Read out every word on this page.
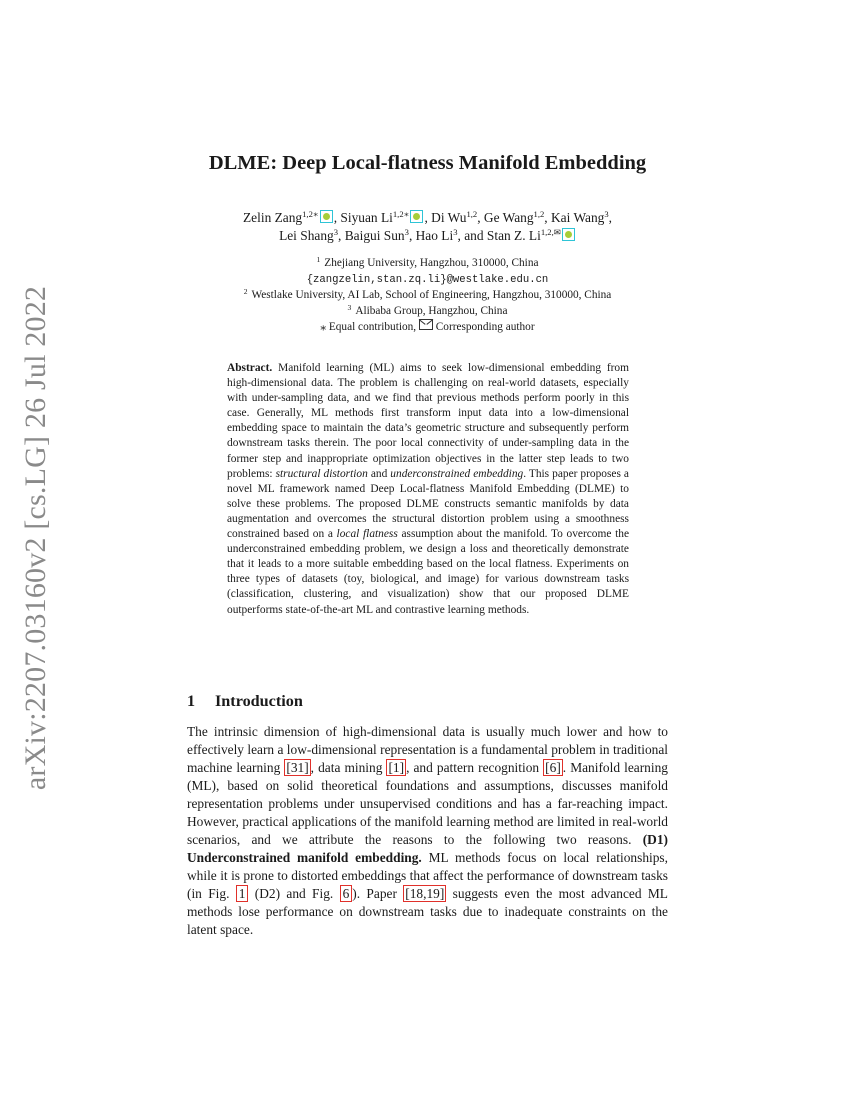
arXiv:2207.03160v2 [cs.LG] 26 Jul 2022
DLME: Deep Local-flatness Manifold Embedding
Zelin Zang$^{1,2∗}$ , Siyuan $Li^{1,2∗}$ , Di Wu$^{1,2}$, Ge Wang$^{1,2}$, Kai Wang$^3$,
Lei Shang$^3$, Baigui Sun$^3$, Hao Li$^3$, and Stan Z. $Li^{1,2,✉}$
$^1$ Zhejiang University, Hangzhou, 310000, China
{zangzelin,stan.zq.li}@westlake.edu.cn
$^2$ Westlake University, AI Lab, School of Engineering, Hangzhou, 310000, China
$^3$ Alibaba Group, Hangzhou, China
⁎ Equal contribution, Corresponding author

Abstract. Manifold learning (ML) aims to seek low-dimensional embedding from high-dimensional data. The problem is challenging on real-world datasets, especially with under-sampling data, and we find that previous methods perform poorly in this case. Generally, ML methods first transform input data into a low-dimensional embedding space to maintain the data’s geometric structure and subsequently perform downstream tasks therein. The poor local connectivity of under-sampling data in the former step and inappropriate optimization objectives in the latter step leads to two problems: structural distortion and underconstrained embedding. This paper proposes a novel ML framework named Deep Local-flatness Manifold Embedding (DLME) to solve these problems. The proposed DLME constructs semantic manifolds by data augmentation and overcomes the structural distortion problem using a smoothness constrained based on a local flatness assumption about the manifold. To overcome the underconstrained embedding problem, we design a loss and theoretically demonstrate that it leads to a more suitable embedding based on the local flatness. Experiments on three types of datasets (toy, biological, and image) for various downstream tasks (classification, clustering, and visualization) show that our proposed DLME outperforms state-of-the-art ML and contrastive learning methods.

1 Introduction

The intrinsic dimension of high-dimensional data is usually much lower and how to effectively learn a low-dimensional representation is a fundamental problem in traditional machine learning [31] , data mining [1] , and pattern recognition [6] . Manifold learning (ML), based on solid theoretical foundations and assumptions, discusses manifold representation problems under unsupervised conditions and has a far-reaching impact. However, practical applications of the manifold learning method are limited in real-world scenarios, and we attribute the reasons to the following two reasons. (D1) Underconstrained manifold embedding. ML methods focus on local relationships, while it is prone to distorted embeddings that affect the performance of downstream tasks (in Fig. 1 (D2) and Fig. 6 ). Paper [18,19] suggests even the most advanced ML methods lose performance on downstream tasks due to inadequate constraints on the latent space.
